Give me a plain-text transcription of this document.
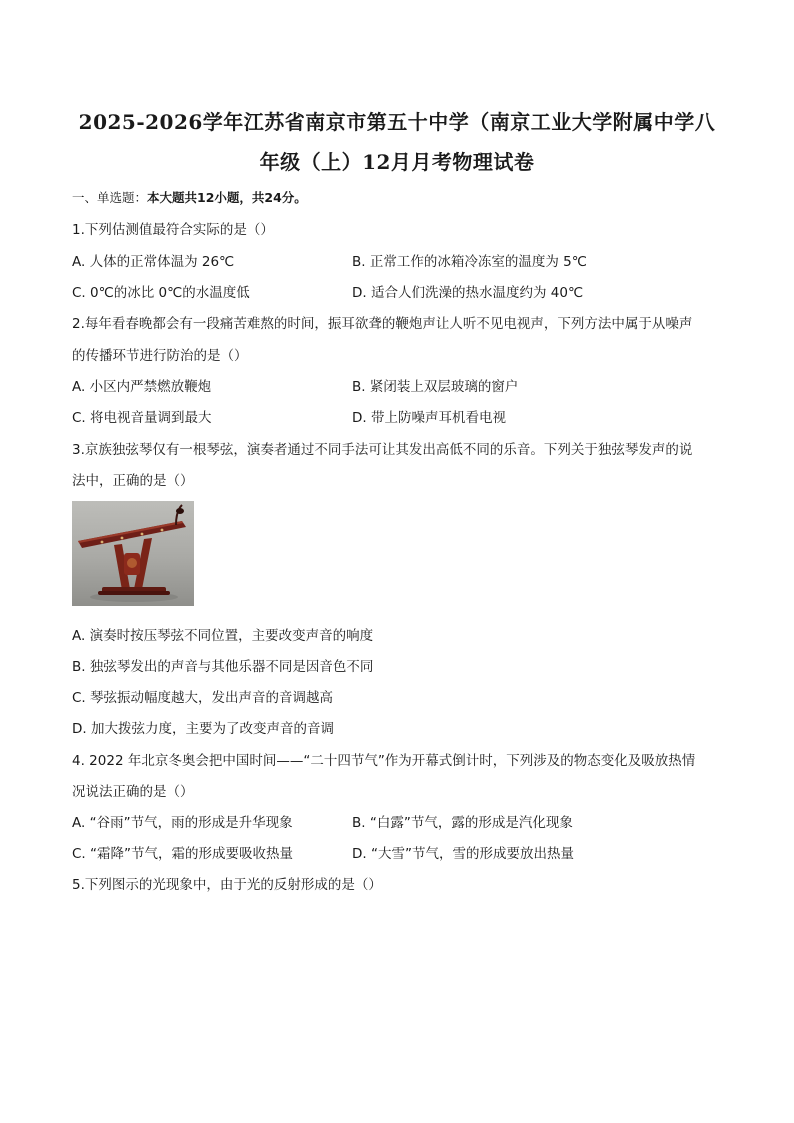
2025-2026学年江苏省南京市第五十中学（南京工业大学附属中学八
年级（上）12月月考物理试卷
一、单选题：本大题共12小题，共24分。
1.下列估测值最符合实际的是（）
A. 人体的正常体温为 26℃	B. 正常工作的冰箱冷冻室的温度为 5℃
C. 0℃的冰比 0℃的水温度低	D. 适合人们洗澡的热水温度约为 40℃
2.每年看春晚都会有一段痛苦难熬的时间，振耳欲聋的鞭炮声让人听不见电视声，下列方法中属于从噪声
的传播环节进行防治的是（）
A. 小区内严禁燃放鞭炮	B. 紧闭装上双层玻璃的窗户
C. 将电视音量调到最大	D. 带上防噪声耳机看电视
3.京族独弦琴仅有一根琴弦，演奏者通过不同手法可让其发出高低不同的乐音。下列关于独弦琴发声的说
法中，正确的是（）
A. 演奏时按压琴弦不同位置，主要改变声音的响度
B. 独弦琴发出的声音与其他乐器不同是因音色不同
C. 琴弦振动幅度越大，发出声音的音调越高
D. 加大拨弦力度，主要为了改变声音的音调
4. 2022 年北京冬奥会把中国时间——“二十四节气”作为开幕式倒计时，下列涉及的物态变化及吸放热情
况说法正确的是（）
A. “谷雨”节气，雨的形成是升华现象	B. “白露”节气，露的形成是汽化现象
C. “霜降”节气，霜的形成要吸收热量	D. “大雪”节气，雪的形成要放出热量
5.下列图示的光现象中，由于光的反射形成的是（）
